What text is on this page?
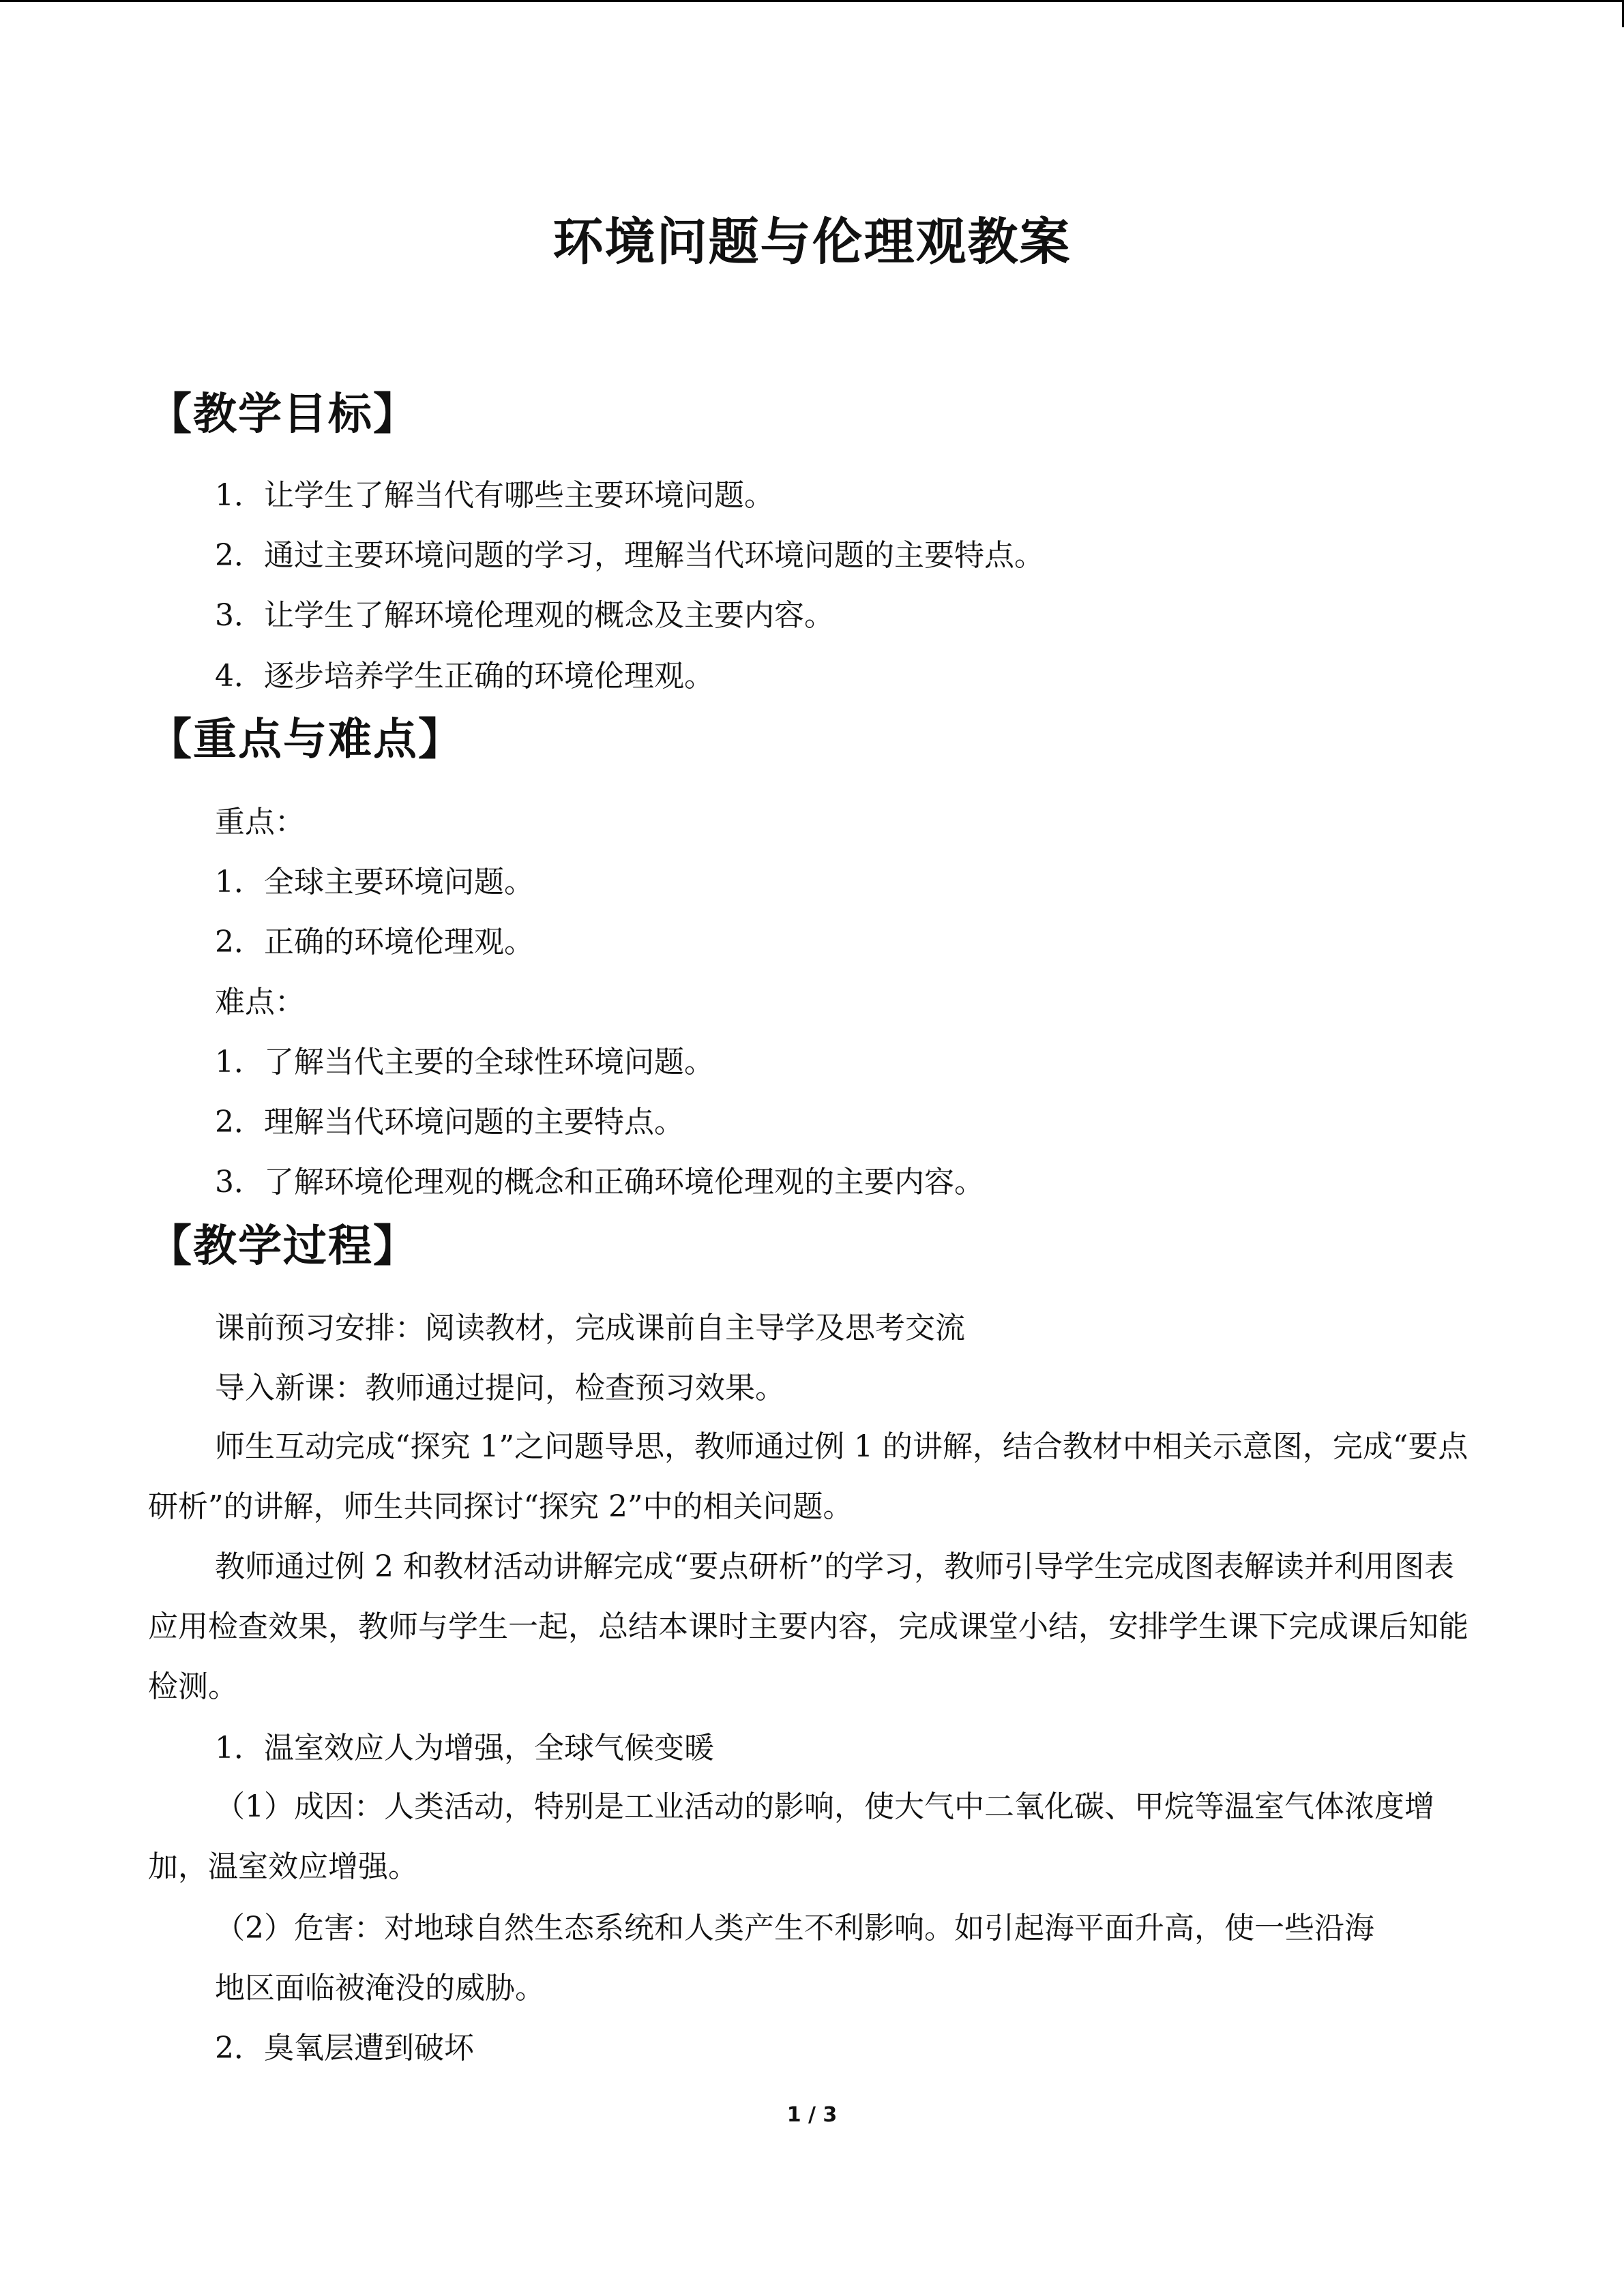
环境问题与伦理观教案
【教学目标】

1．让学生了解当代有哪些主要环境问题。

2．通过主要环境问题的学习，理解当代环境问题的主要特点。

3．让学生了解环境伦理观的概念及主要内容。

4．逐步培养学生正确的环境伦理观。

【重点与难点】

重点：

1．全球主要环境问题。

2．正确的环境伦理观。

难点：

1．了解当代主要的全球性环境问题。

2．理解当代环境问题的主要特点。

3．了解环境伦理观的概念和正确环境伦理观的主要内容。

【教学过程】

课前预习安排：阅读教材，完成课前自主导学及思考交流

导入新课：教师通过提问，检查预习效果。

师生互动完成“探究 1”之问题导思，教师通过例 1 的讲解，结合教材中相关示意图，完成“要点研析”的讲解，师生共同探讨“探究 2”中的相关问题。

教师通过例 2 和教材活动讲解完成“要点研析”的学习，教师引导学生完成图表解读并利用图表应用检查效果，教师与学生一起，总结本课时主要内容，完成课堂小结，安排学生课下完成课后知能检测。

1．温室效应人为增强，全球气候变暖

（1）成因：人类活动，特别是工业活动的影响，使大气中二氧化碳、甲烷等温室气体浓度增加，温室效应增强。

（2）危害：对地球自然生态系统和人类产生不利影响。如引起海平面升高，使一些沿海

地区面临被淹没的威胁。

2．臭氧层遭到破坏

1 / 3
